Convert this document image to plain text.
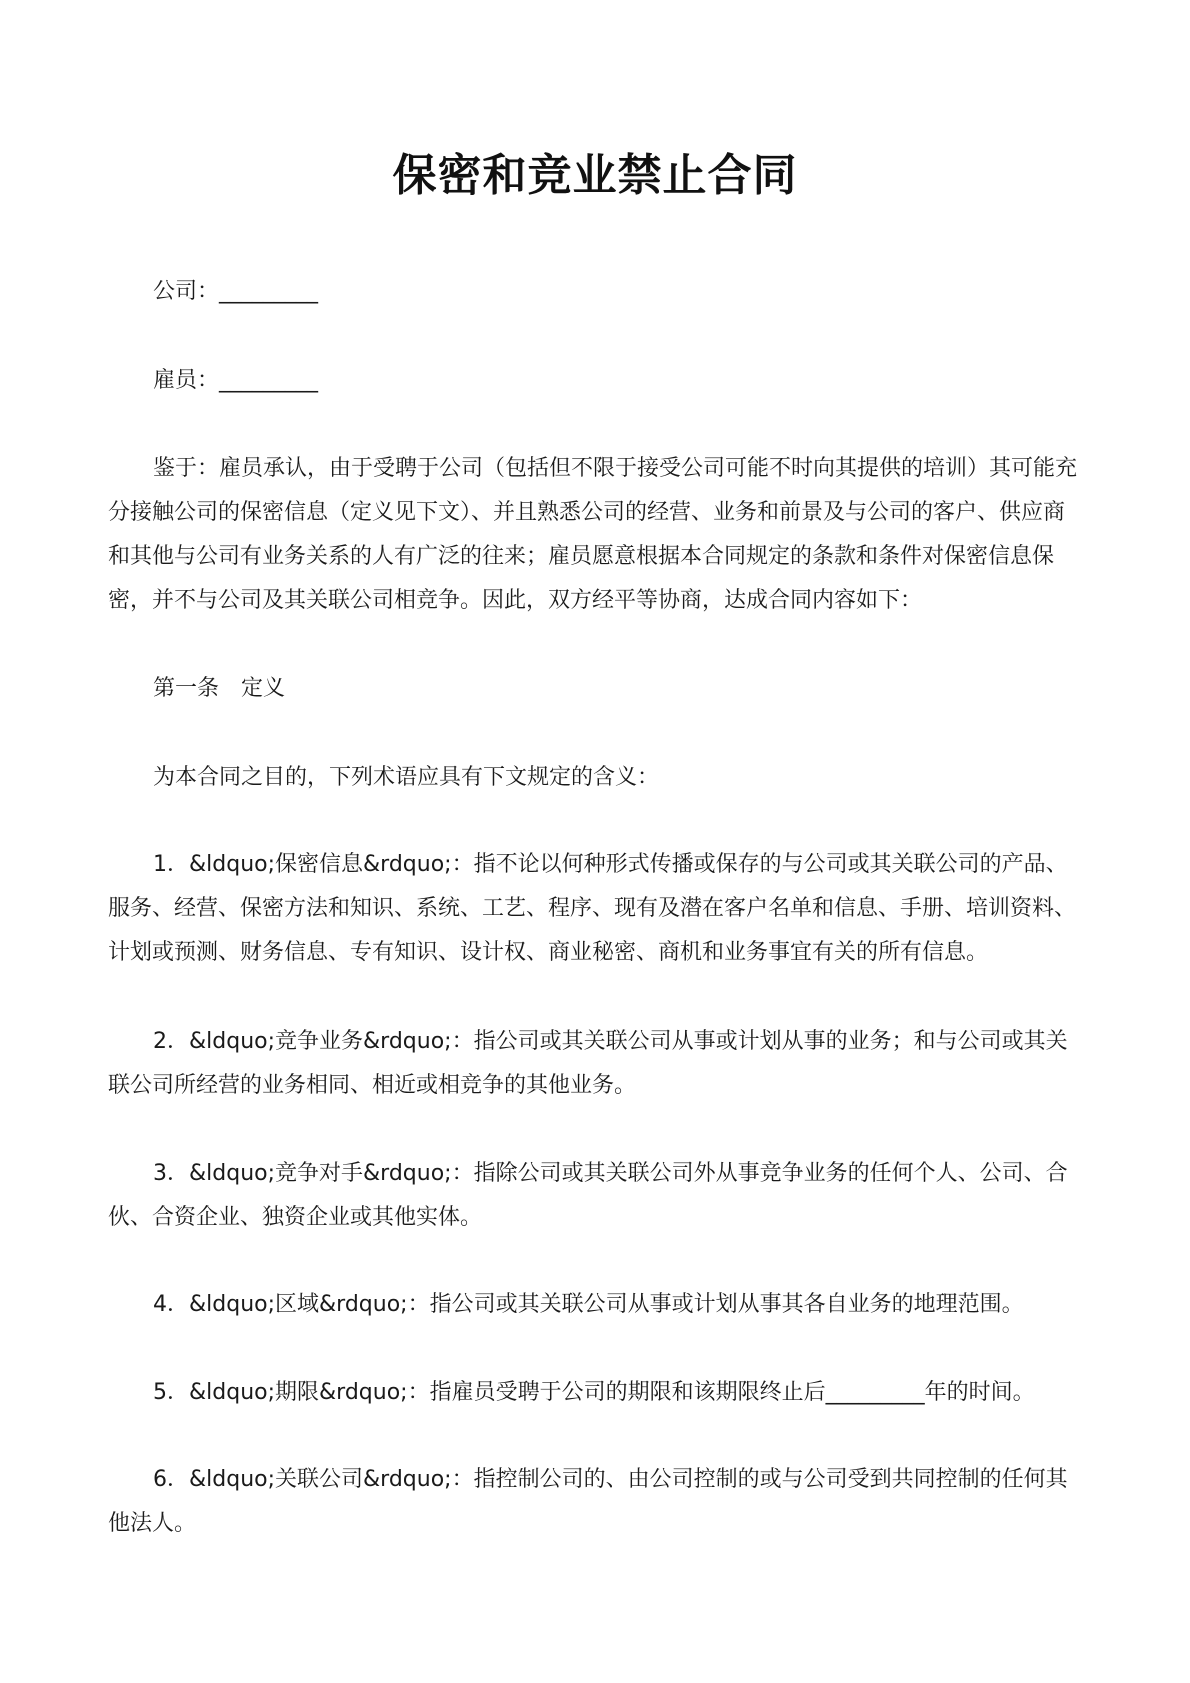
保密和竞业禁止合同

公司：_________

雇员：_________

鉴于：雇员承认，由于受聘于公司（包括但不限于接受公司可能不时向其提供的培训）其可能充分接触公司的保密信息（定义见下文）、并且熟悉公司的经营、业务和前景及与公司的客户、供应商和其他与公司有业务关系的人有广泛的往来；雇员愿意根据本合同规定的条款和条件对保密信息保密，并不与公司及其关联公司相竞争。因此，双方经平等协商，达成合同内容如下：

第一条　定义

为本合同之目的，下列术语应具有下文规定的含义：

1．&ldquo;保密信息&rdquo;：指不论以何种形式传播或保存的与公司或其关联公司的产品、服务、经营、保密方法和知识、系统、工艺、程序、现有及潜在客户名单和信息、手册、培训资料、计划或预测、财务信息、专有知识、设计权、商业秘密、商机和业务事宜有关的所有信息。

2．&ldquo;竞争业务&rdquo;：指公司或其关联公司从事或计划从事的业务；和与公司或其关联公司所经营的业务相同、相近或相竞争的其他业务。

3．&ldquo;竞争对手&rdquo;：指除公司或其关联公司外从事竞争业务的任何个人、公司、合伙、合资企业、独资企业或其他实体。

4．&ldquo;区域&rdquo;：指公司或其关联公司从事或计划从事其各自业务的地理范围。

5．&ldquo;期限&rdquo;：指雇员受聘于公司的期限和该期限终止后_________年的时间。

6．&ldquo;关联公司&rdquo;：指控制公司的、由公司控制的或与公司受到共同控制的任何其他法人。
